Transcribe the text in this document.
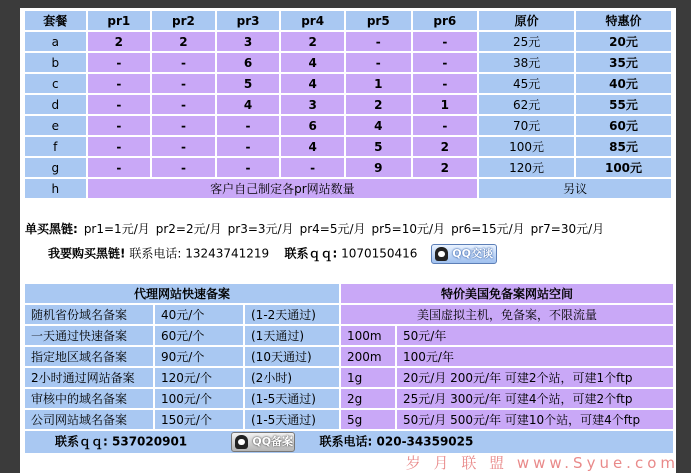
套餐	pr1	pr2	pr3	pr4	pr5	pr6	原价	特惠价
a	2	2	3	2	-	-	25元	20元
b	-	-	6	4	-	-	38元	35元
c	-	-	5	4	1	-	45元	40元
d	-	-	4	3	2	1	62元	55元
e	-	-	-	6	4	-	70元	60元
f	-	-	-	4	5	2	100元	85元
g	-	-	-	-	9	2	120元	100元
h	客户自己制定各pr网站数量						另议	
单买黑链: pr1=1元/月 pr2=2元/月 pr3=3元/月 pr4=5元/月 pr5=10元/月 pr6=15元/月 pr7=30元/月
我要购买黑链! 联系电话: 13243741219 联系ｑｑ: 1070150416	QQ交谈
代理网站快速备案			特价美国免备案网站空间	
随机省份域名备案	40元/个	(1-2天通过)	美国虚拟主机，免备案，不限流量	
一天通过快速备案	60元/个	(1天通过)	100m	50元/年
指定地区域名备案	90元/个	(10天通过)	200m	100元/年
2小时通过网站备案	120元/个	(2小时)	1g	20元/月 200元/年 可建2个站，可建1个ftp
审核中的域名备案	100元/个	(1-5天通过)	2g	25元/月 300元/年 可建4个站，可建2个ftp
公司网站域名备案	150元/个	(1-5天通过)	5g	50元/月 500元/年 可建10个站，可建4个ftp
联系ｑｑ: 537020901 QQ备案 联系电话: 020-34359025				
岁 月 联 盟 www.Syue.com
